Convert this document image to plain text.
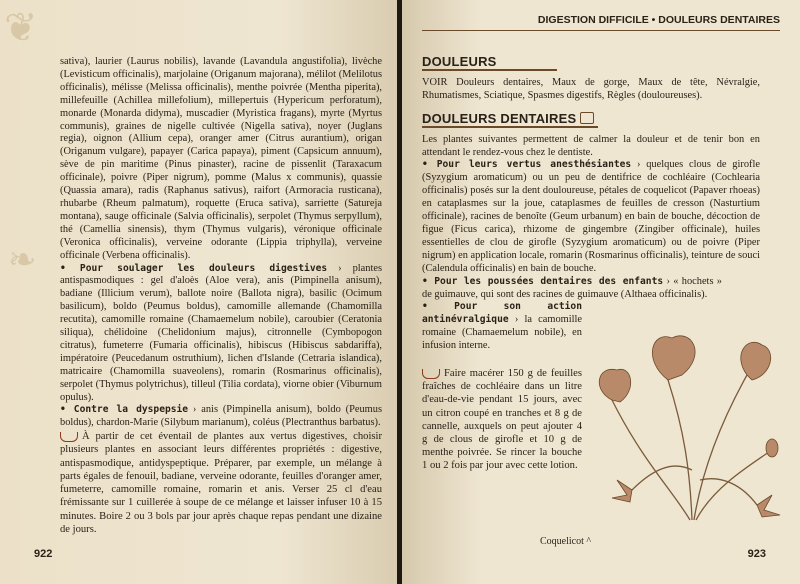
❦
❧

sativa), laurier (Laurus nobilis), lavande (Lavandula angustifolia), livèche (Levisticum officinalis), marjolaine (Origanum majorana), mélilot (Melilotus officinalis), mélisse (Melissa officinalis), menthe poivrée (Mentha piperita), millefeuille (Achillea millefolium), millepertuis (Hypericum perforatum), monarde (Monarda didyma), muscadier (Myristica fragans), myrte (Myrtus communis), graines de nigelle cultivée (Nigella sativa), noyer (Juglans regia), oignon (Allium cepa), oranger amer (Citrus aurantium), origan (Origanum vulgare), papayer (Carica papaya), piment (Capsicum annuum), sève de pin maritime (Pinus pinaster), racine de pissenlit (Taraxacum officinale), poivre (Piper nigrum), pomme (Malus x communis), quassie (Quassia amara), radis (Raphanus sativus), raifort (Armoracia rusticana), rhubarbe (Rheum palmatum), roquette (Eruca sativa), sarriette (Satureja montana), sauge officinale (Salvia officinalis), serpolet (Thymus serpyllum), thé (Camellia sinensis), thym (Thymus vulgaris), véronique officinale (Veronica officinalis), verveine odorante (Lippia triphylla), verveine officinale (Verbena officinalis).

• Pour soulager les douleurs digestives › plantes antispasmodiques : gel d'aloès (Aloe vera), anis (Pimpinella anisum), badiane (Illicium verum), ballote noire (Ballota nigra), basilic (Ocimum basilicum), boldo (Peumus boldus), camomille allemande (Chamomilla recutita), camomille romaine (Chamaemelum nobile), caroubier (Ceratonia siliqua), chélidoine (Chelidonium majus), citronnelle (Cymbopogon citratus), fumeterre (Fumaria officinalis), hibiscus (Hibiscus sabdariffa), impératoire (Peucedanum ostruthium), lichen d'Islande (Cetraria islandica), matricaire (Chamomilla suaveolens), romarin (Rosmarinus officinalis), serpolet (Thymus polytrichus), tilleul (Tilia cordata), viorne obier (Viburnum opulus).

• Contre la dyspepsie › anis (Pimpinella anisum), boldo (Peumus boldus), chardon-Marie (Silybum marianum), coléus (Plectranthus barbatus).

À partir de cet éventail de plantes aux vertus digestives, choisir plusieurs plantes en associant leurs différentes propriétés : digestive, antispasmodique, antidyspeptique. Préparer, par exemple, un mélange à parts égales de fenouil, badiane, verveine odorante, feuilles d'oranger amer, fumeterre, camomille romaine, romarin et anis. Verser 25 cl d'eau frémissante sur 1 cuillerée à soupe de ce mélange et laisser infuser 10 à 15 minutes. Boire 2 ou 3 bols par jour après chaque repas pendant une dizaine de jours.

922
DIGESTION DIFFICILE • DOULEURS DENTAIRES
DOULEURS

VOIR Douleurs dentaires, Maux de gorge, Maux de tête, Névralgie, Rhumatismes, Sciatique, Spasmes digestifs, Règles (douloureuses).

DOULEURS DENTAIRES

Les plantes suivantes permettent de calmer la douleur et de tenir bon en attendant le rendez-vous chez le dentiste.

• Pour leurs vertus anesthésiantes › quelques clous de girofle (Syzygium aromaticum) ou un peu de dentifrice de cochléaire (Cochlearia officinalis) posés sur la dent douloureuse, pétales de coquelicot (Papaver rhoeas) en cataplasmes sur la joue, cataplasmes de feuilles de cresson (Nasturtium officinale), racines de benoîte (Geum urbanum) en bain de bouche, décoction de figue (Ficus carica), rhizome de gingembre (Zingiber officinale), huiles essentielles de clou de girofle (Syzygium aromaticum) ou de poivre (Piper nigrum) en application locale, romarin (Rosmarinus officinalis), teinture de souci (Calendula officinalis) en bain de bouche.

• Pour les poussées dentaires des enfants › « hochets » de guimauve, qui sont des racines de guimauve (Althaea officinalis).

• Pour son action antinévralgique › la camomille romaine (Chamaemelum nobile), en infusion interne.

Faire macérer 150 g de feuilles fraîches de cochléaire dans un litre d'eau-de-vie pendant 15 jours, avec un citron coupé en tranches et 8 g de cannelle, auxquels on peut ajouter 4 g de clous de girofle et 10 g de menthe poivrée. Se rincer la bouche 1 ou 2 fois par jour avec cette lotion.

Coquelicot ^
923
